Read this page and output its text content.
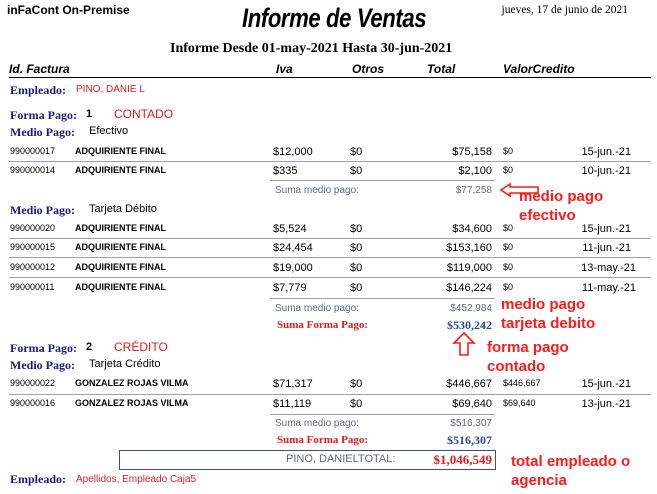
inFaCont On-Premise	Informe de Ventas	jueves, 17 de junio de 2021
Informe Desde 01-may-2021 Hasta 30-jun-2021
Id. Factura	Iva	Otros	Total	ValorCredito
Empleado: PINO, DANIE L
Forma Pago: 1 CONTADO
Medio Pago: Efectivo
990000017 ADQUIRIENTE FINAL	$12,000	$0	$75,158 $0	15-jun.-21
990000014 ADQUIRIENTE FINAL	$335	$0	$2,100 $0	10-jun.-21
Suma medio pago:	$77,258
Medio Pago: Tarjeta Débito
990000020 ADQUIRIENTE FINAL	$5,524	$0	$34,600 $0	15-jun.-21
990000015 ADQUIRIENTE FINAL	$24,454	$0	$153,160 $0	11-jun.-21
990000012 ADQUIRIENTE FINAL	$19,000	$0	$119,000 $0	13-may.-21
990000011 ADQUIRIENTE FINAL	$7,779	$0	$146,224 $0	11-may.-21
Suma medio pago:	$452,984
Suma Forma Pago:	$530,242
Forma Pago: 2 CRÉDITO
Medio Pago: Tarjeta Crédito
990000022 GONZALEZ ROJAS VILMA	$71,317	$0	$446,667 $446,667	15-jun.-21
990000016 GONZALEZ ROJAS VILMA	$11,119	$0	$69,640 $69,640	13-jun.-21
Suma medio pago:	$516,307
Suma Forma Pago:	$516,307
PINO, DANIELTOTAL:	$1,046,549
Empleado: Apellidos, Empleado Caja5
medio pago efectivo
medio pago tarjeta debito
forma pago contado
total empleado o agencia
